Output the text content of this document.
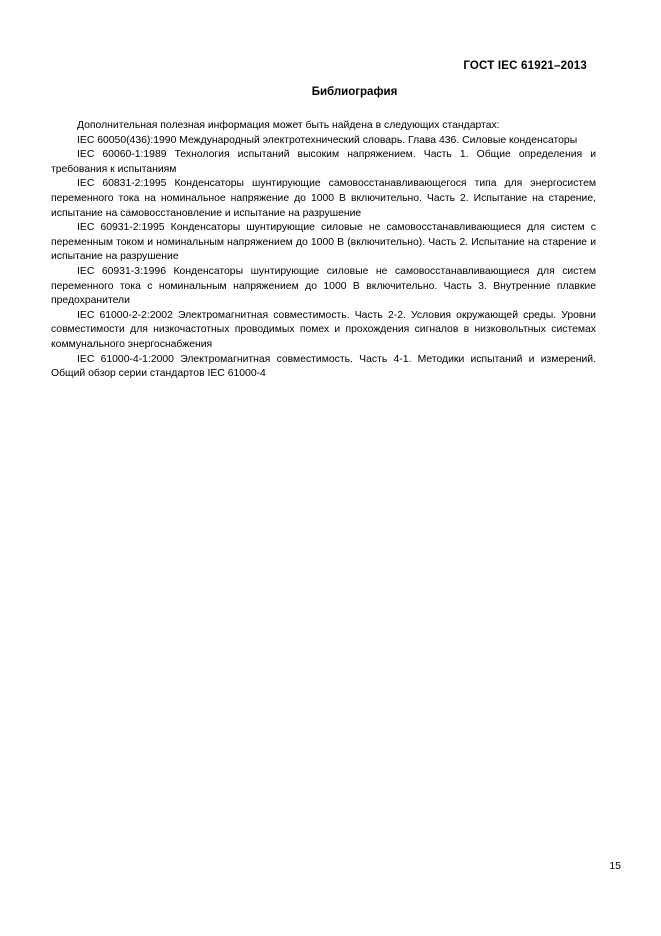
ГОСТ IEC 61921–2013
Библиография

Дополнительная полезная информация может быть найдена в следующих стандартах:

IEC 60050(436):1990 Международный электротехнический словарь. Глава 436. Силовые конденсаторы

IEC 60060-1:1989 Технология испытаний высоким напряжением. Часть 1. Общие определения и требования к испытаниям

IEC 60831-2:1995 Конденсаторы шунтирующие самовосстанавливающегося типа для энергосистем переменного тока на номинальное напряжение до 1000 В включительно. Часть 2. Испытание на старение, испытание на самовосстановление и испытание на разрушение

IEC 60931-2:1995 Конденсаторы шунтирующие силовые не самовосстанавливающиеся для систем с переменным током и номинальным напряжением до 1000 В (включительно). Часть 2. Испытание на старение и испытание на разрушение

IEC 60931-3:1996 Конденсаторы шунтирующие силовые не самовосстанавливающиеся для систем переменного тока с номинальным напряжением до 1000 В включительно. Часть 3. Внутренние плавкие предохранители

IEC 61000-2-2:2002 Электромагнитная совместимость. Часть 2-2. Условия окружающей среды. Уровни совместимости для низкочастотных проводимых помех и прохождения сигналов в низковольтных системах коммунального энергоснабжения

IEC 61000-4-1:2000 Электромагнитная совместимость. Часть 4-1. Методики испытаний и измерений. Общий обзор серии стандартов IEC 61000-4

15
